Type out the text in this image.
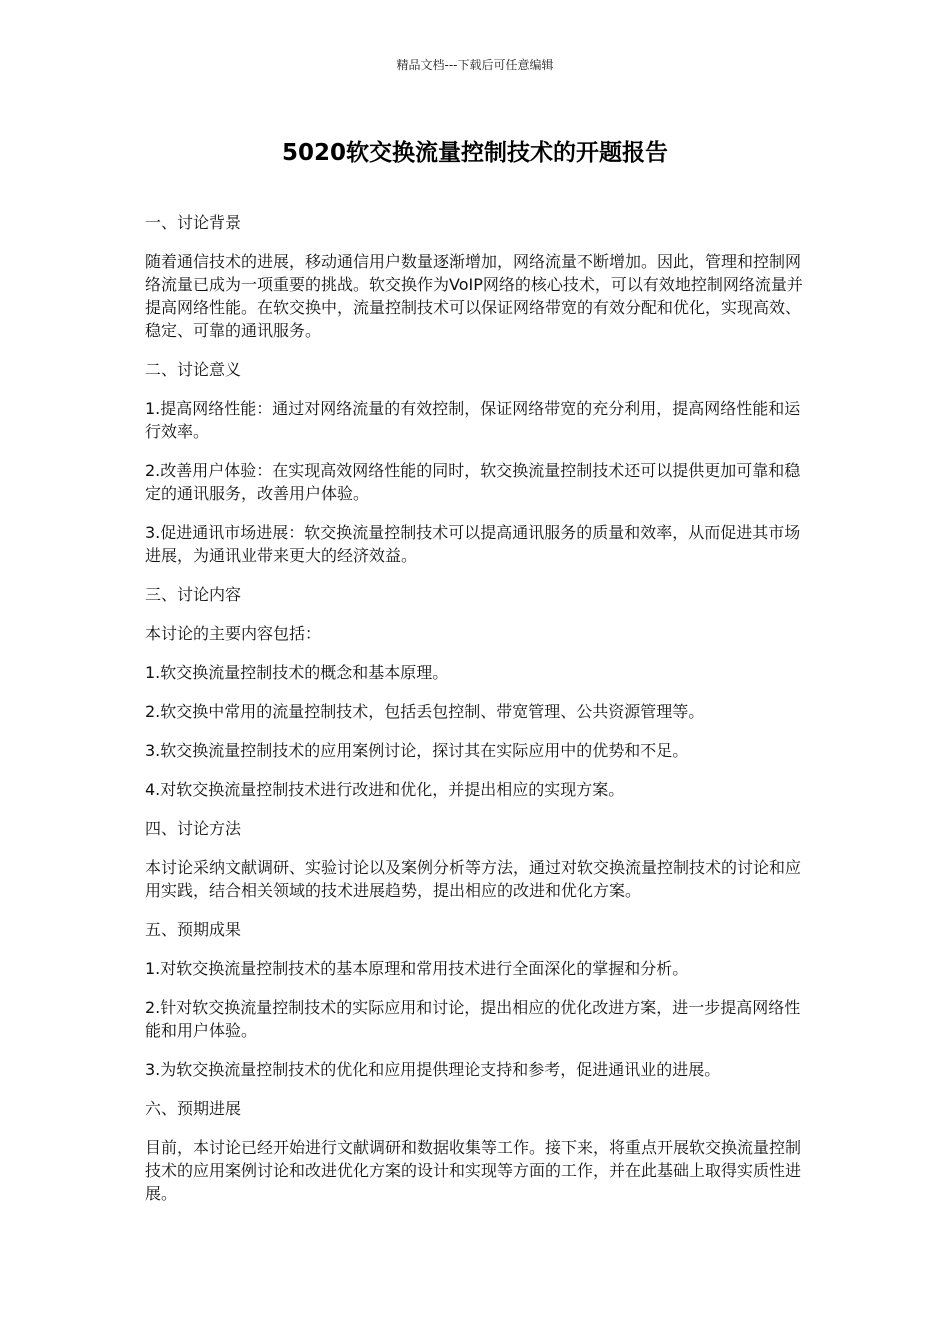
精品文档---下载后可任意编辑
5020软交换流量控制技术的开题报告

一、讨论背景

随着通信技术的进展，移动通信用户数量逐渐增加，网络流量不断增加。因此，管理和控制网络流量已成为一项重要的挑战。软交换作为VoIP网络的核心技术，可以有效地控制网络流量并提高网络性能。在软交换中，流量控制技术可以保证网络带宽的有效分配和优化，实现高效、稳定、可靠的通讯服务。

二、讨论意义

1.提高网络性能：通过对网络流量的有效控制，保证网络带宽的充分利用，提高网络性能和运行效率。

2.改善用户体验：在实现高效网络性能的同时，软交换流量控制技术还可以提供更加可靠和稳定的通讯服务，改善用户体验。

3.促进通讯市场进展：软交换流量控制技术可以提高通讯服务的质量和效率，从而促进其市场进展，为通讯业带来更大的经济效益。

三、讨论内容

本讨论的主要内容包括：

1.软交换流量控制技术的概念和基本原理。

2.软交换中常用的流量控制技术，包括丢包控制、带宽管理、公共资源管理等。

3.软交换流量控制技术的应用案例讨论，探讨其在实际应用中的优势和不足。

4.对软交换流量控制技术进行改进和优化，并提出相应的实现方案。

四、讨论方法

本讨论采纳文献调研、实验讨论以及案例分析等方法，通过对软交换流量控制技术的讨论和应用实践，结合相关领域的技术进展趋势，提出相应的改进和优化方案。

五、预期成果

1.对软交换流量控制技术的基本原理和常用技术进行全面深化的掌握和分析。

2.针对软交换流量控制技术的实际应用和讨论，提出相应的优化改进方案，进一步提高网络性能和用户体验。

3.为软交换流量控制技术的优化和应用提供理论支持和参考，促进通讯业的进展。

六、预期进展

目前，本讨论已经开始进行文献调研和数据收集等工作。接下来，将重点开展软交换流量控制技术的应用案例讨论和改进优化方案的设计和实现等方面的工作，并在此基础上取得实质性进展。
